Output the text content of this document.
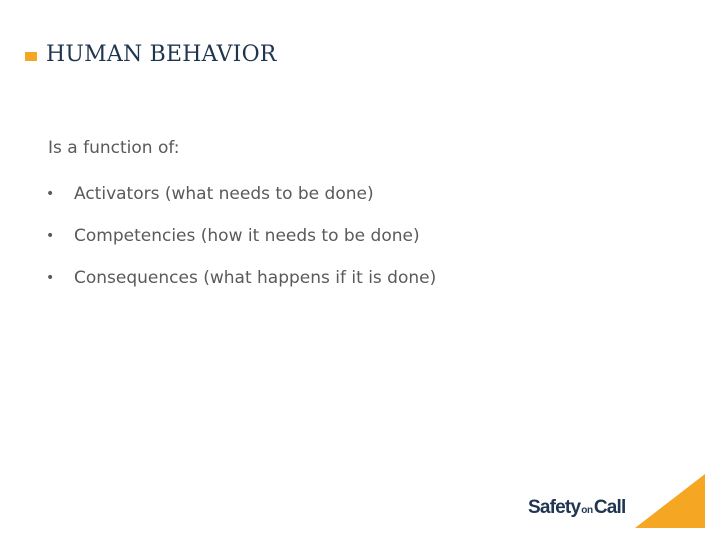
HUMAN BEHAVIOR

Is a function of:

•	Activators (what needs to be done)
•	Competencies (how it needs to be done)
•	Consequences (what happens if it is done)
SafetyonCall
